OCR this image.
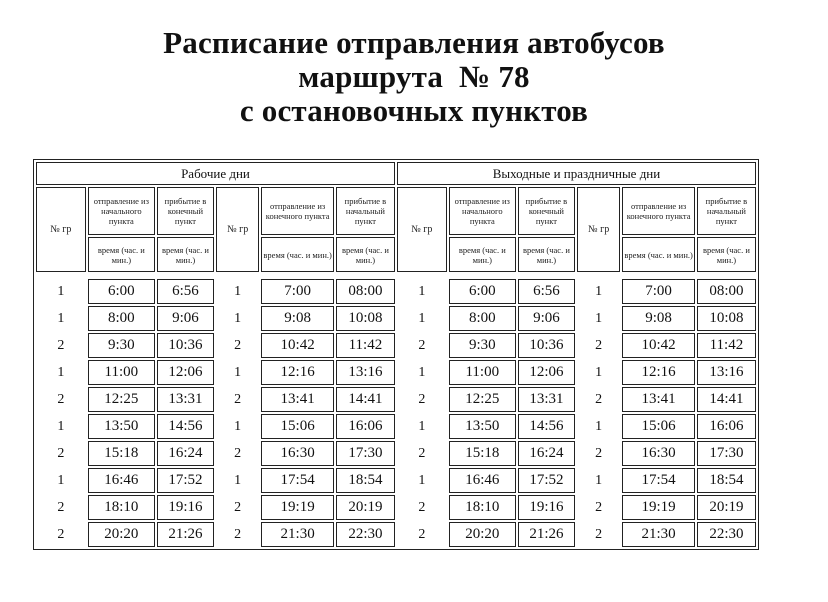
Расписание отправления автобусов
маршрута  № 78
с остановочных пунктов
Рабочие дни						Выходные и праздничные дни					
№ гр	отправление из начального пункта	прибытие в конечный пункт	№ гр	отправление из конечного пункта	прибытие в начальный пункт	№ гр	отправление из начального пункта	прибытие в конечный пункт	№ гр	отправление из конечного пункта	прибытие в начальный пункт
	время (час. и мин.)	время (час. и мин.)		время (час. и мин.)	время (час. и мин.)		время (час. и мин.)	время (час. и мин.)		время (час. и мин.)	время (час. и мин.)

1	6:00	6:56	1	7:00	08:00	1	6:00	6:56	1	7:00	08:00
1	8:00	9:06	1	9:08	10:08	1	8:00	9:06	1	9:08	10:08
2	9:30	10:36	2	10:42	11:42	2	9:30	10:36	2	10:42	11:42
1	11:00	12:06	1	12:16	13:16	1	11:00	12:06	1	12:16	13:16
2	12:25	13:31	2	13:41	14:41	2	12:25	13:31	2	13:41	14:41
1	13:50	14:56	1	15:06	16:06	1	13:50	14:56	1	15:06	16:06
2	15:18	16:24	2	16:30	17:30	2	15:18	16:24	2	16:30	17:30
1	16:46	17:52	1	17:54	18:54	1	16:46	17:52	1	17:54	18:54
2	18:10	19:16	2	19:19	20:19	2	18:10	19:16	2	19:19	20:19
2	20:20	21:26	2	21:30	22:30	2	20:20	21:26	2	21:30	22:30
